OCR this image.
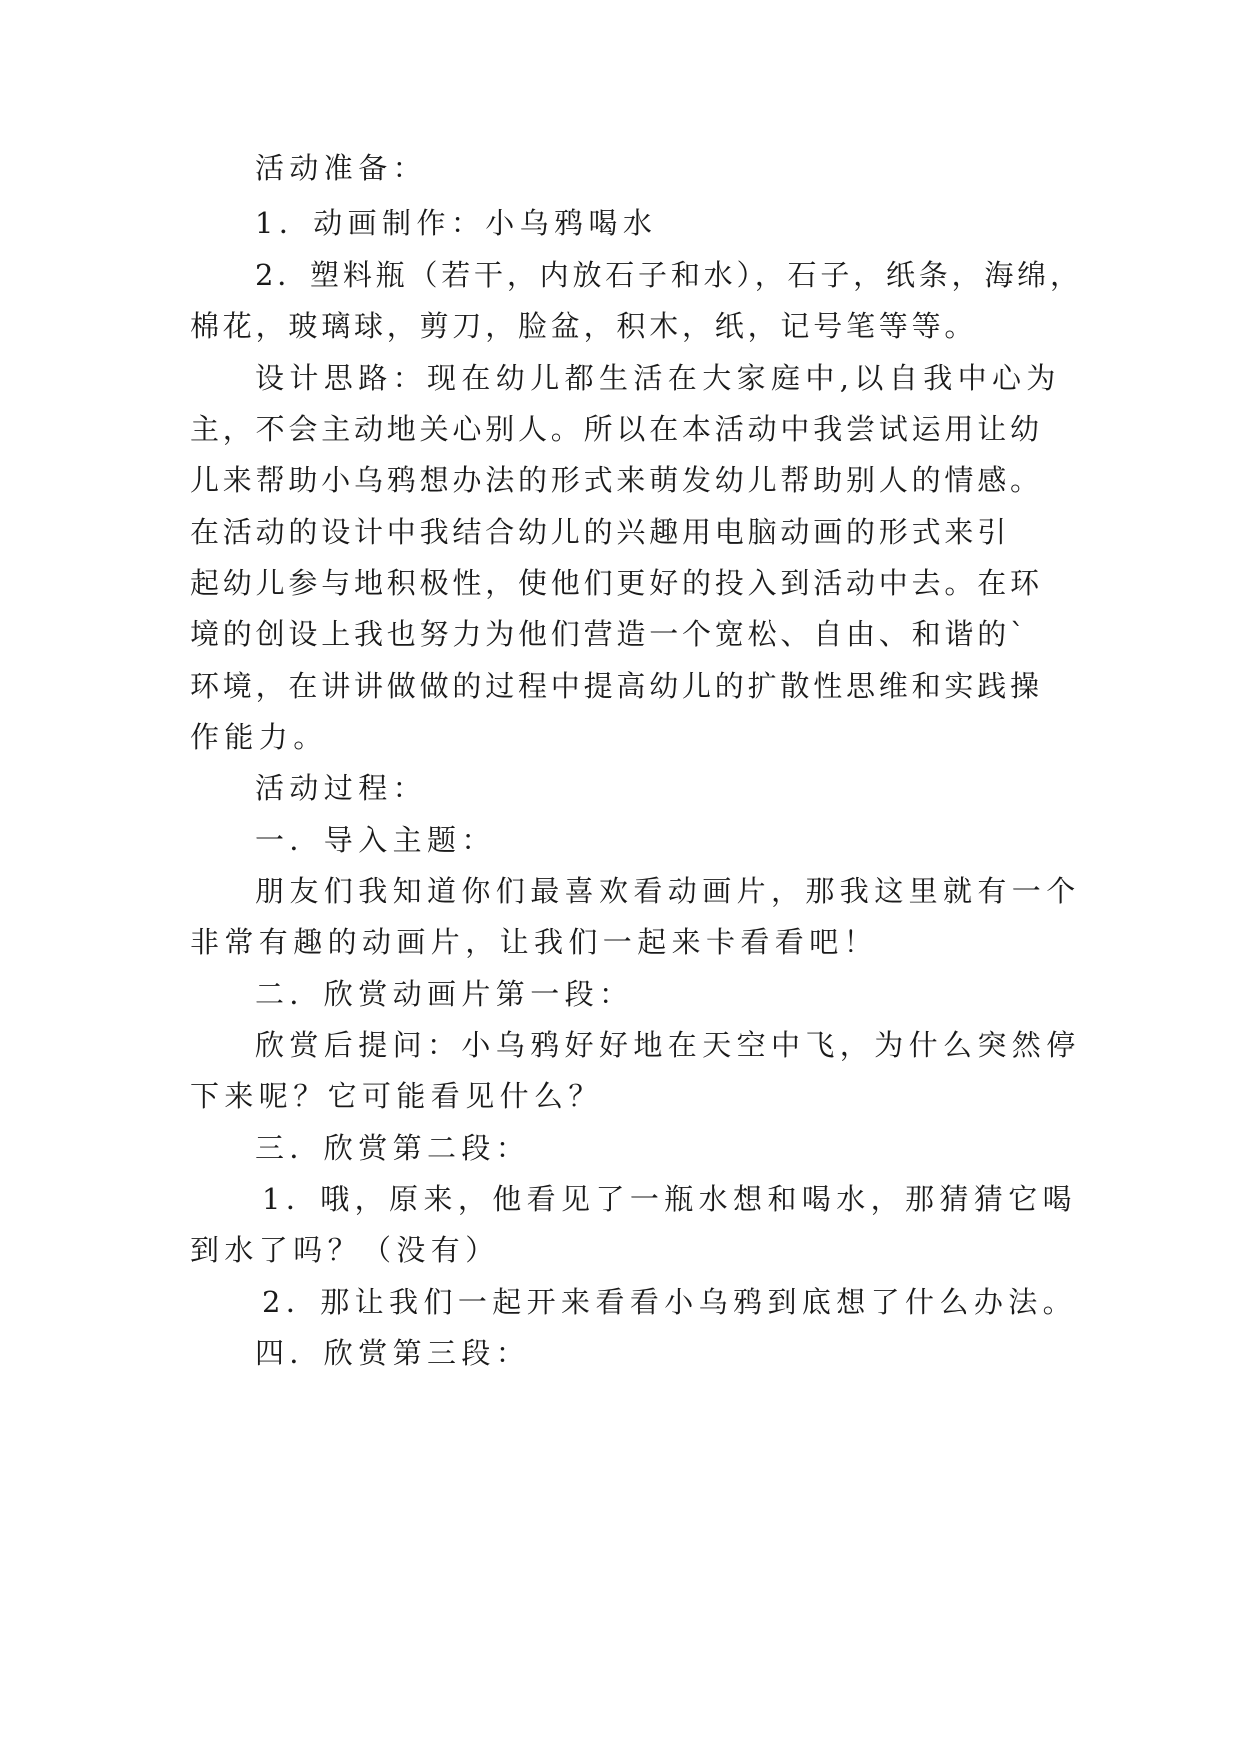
活动准备：
1．动画制作：小乌鸦喝水
2．塑料瓶（若干，内放石子和水），石子，纸条，海绵，
棉花，玻璃球，剪刀，脸盆，积木，纸，记号笔等等。
设计思路：现在幼儿都生活在大家庭中,以自我中心为
主，不会主动地关心别人。所以在本活动中我尝试运用让幼
儿来帮助小乌鸦想办法的形式来萌发幼儿帮助别人的情感。
在活动的设计中我结合幼儿的兴趣用电脑动画的形式来引
起幼儿参与地积极性，使他们更好的投入到活动中去。在环
境的创设上我也努力为他们营造一个宽松、自由、和谐的`
环境，在讲讲做做的过程中提高幼儿的扩散性思维和实践操
作能力。
活动过程：
一．导入主题：
朋友们我知道你们最喜欢看动画片，那我这里就有一个
非常有趣的动画片，让我们一起来卡看看吧！
二．欣赏动画片第一段：
欣赏后提问：小乌鸦好好地在天空中飞，为什么突然停
下来呢？它可能看见什么？
三．欣赏第二段：
1．哦，原来，他看见了一瓶水想和喝水，那猜猜它喝
到水了吗？（没有）
2．那让我们一起开来看看小乌鸦到底想了什么办法。
四．欣赏第三段：
